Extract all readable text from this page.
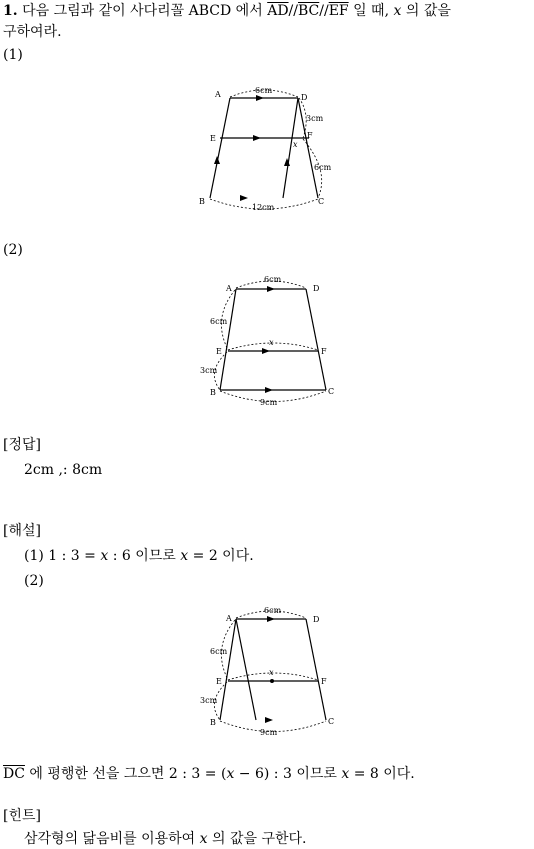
1. 다음 그림과 같이 사다리꼴 ABCD 에서 $\overline{AD}//\overline{BC}//\overline{EF}$ 일 때, x 의 값을
구하여라.
(1)
A	D
E	F
B	C
6cm
3cm
6cm
12cm
x
(2)
A	D
E	F
B	C
6cm
6cm
3cm
9cm
x
[정답]
2cm ,: 8cm
[해설]
(1) 1 : 3 = x : 6 이므로 x = 2 이다.
(2)
A	D
E	F
B	C
6cm
6cm
3cm
9cm
x
$\overline{DC}$ 에 평행한 선을 그으면 2 : 3 = (x − 6) : 3 이므로 x = 8 이다.
[힌트]
삼각형의 닮음비를 이용하여 x 의 값을 구한다.
